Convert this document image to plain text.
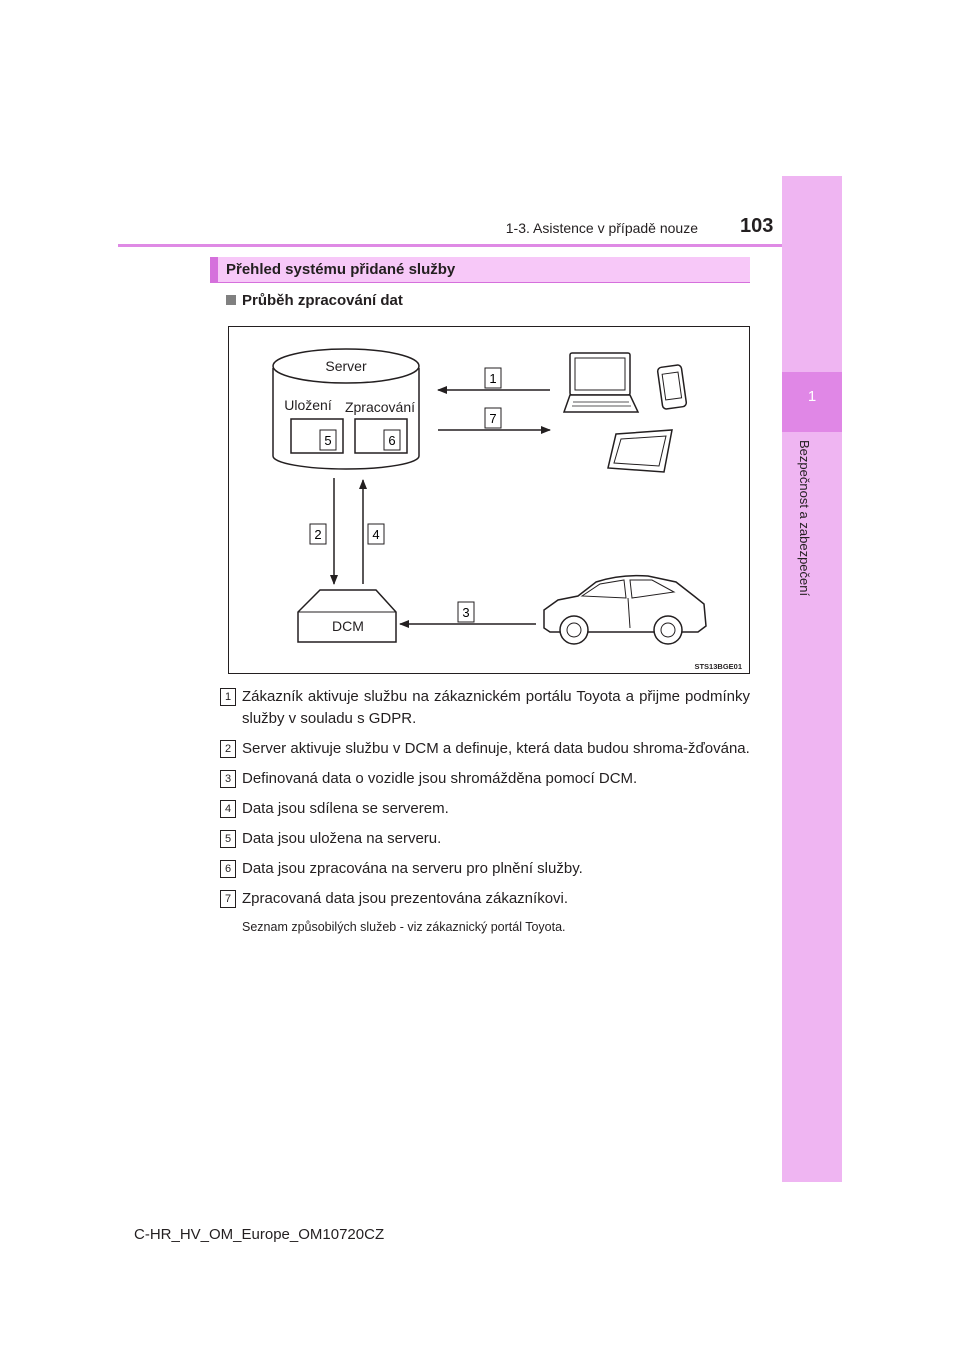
1
Bezpečnost a zabezpečení
1-3. Asistence v případě nouze 103
Přehled systému přidané služby
Průběh zpracování dat
Server
Uložení Zpracování
5	6
1
7
2	4
DCM
3
STS13BGE01
1 Zákazník aktivuje službu na zákaznickém portálu Toyota a přijme podmínky služby v souladu s GDPR.

2 Server aktivuje službu v DCM a definuje, která data budou shroma-žďována.

3 Definovaná data o vozidle jsou shromážděna pomocí DCM.

4 Data jsou sdílena se serverem.

5 Data jsou uložena na serveru.

6 Data jsou zpracována na serveru pro plnění služby.

7 Zpracovaná data jsou prezentována zákazníkovi.

Seznam způsobilých služeb - viz zákaznický portál Toyota.

C-HR_HV_OM_Europe_OM10720CZ
